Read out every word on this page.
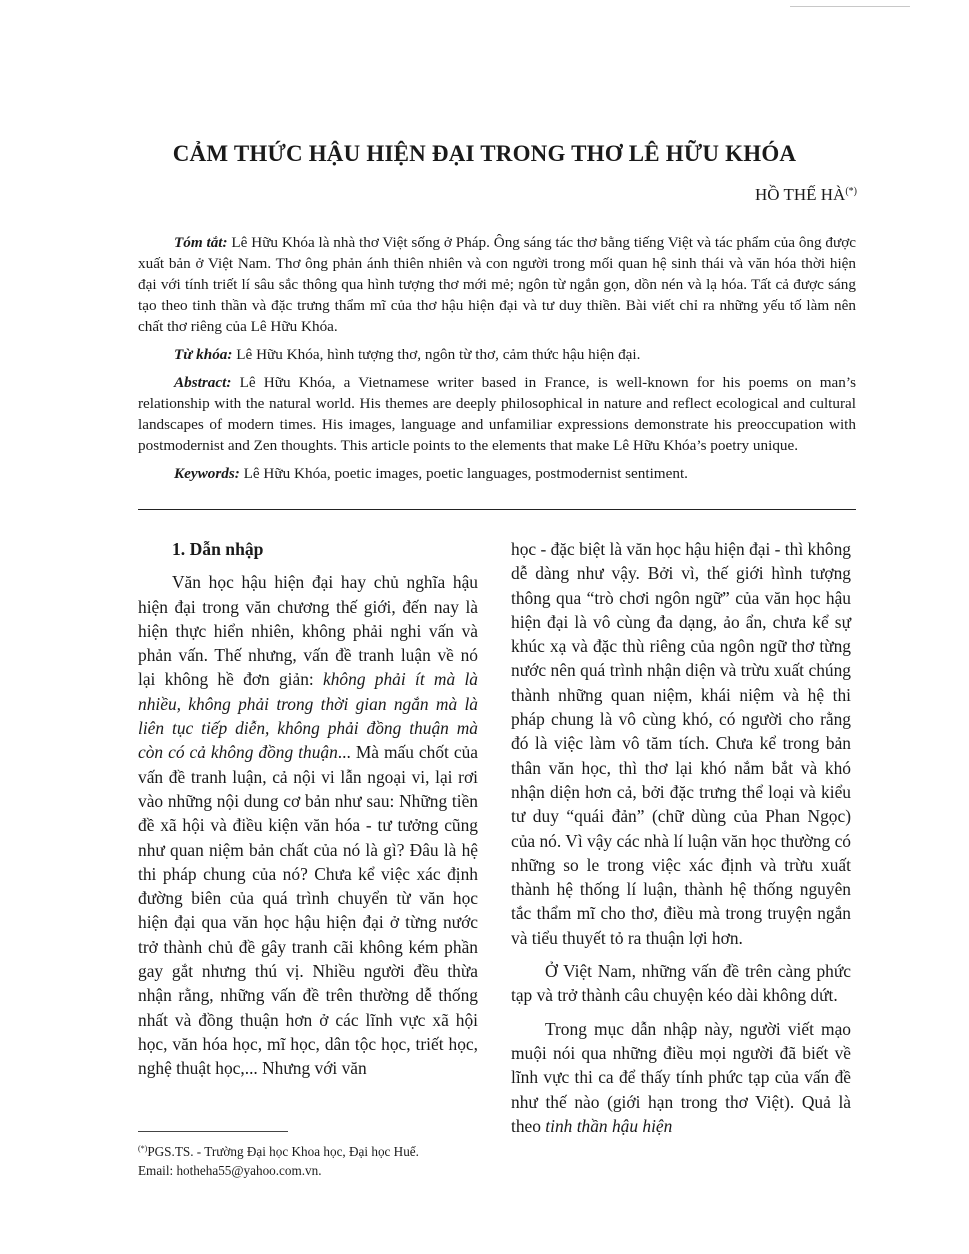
CẢM THỨC HẬU HIỆN ĐẠI TRONG THƠ LÊ HỮU KHÓA
HỒ THẾ HÀ(*)

Tóm tắt: Lê Hữu Khóa là nhà thơ Việt sống ở Pháp. Ông sáng tác thơ bằng tiếng Việt và tác phẩm của ông được xuất bản ở Việt Nam. Thơ ông phản ánh thiên nhiên và con người trong mối quan hệ sinh thái và văn hóa thời hiện đại với tính triết lí sâu sắc thông qua hình tượng thơ mới mẻ; ngôn từ ngắn gọn, dồn nén và lạ hóa. Tất cả được sáng tạo theo tinh thần và đặc trưng thẩm mĩ của thơ hậu hiện đại và tư duy thiền. Bài viết chỉ ra những yếu tố làm nên chất thơ riêng của Lê Hữu Khóa.

Từ khóa: Lê Hữu Khóa, hình tượng thơ, ngôn từ thơ, cảm thức hậu hiện đại.

Abstract: Lê Hữu Khóa, a Vietnamese writer based in France, is well-known for his poems on man’s relationship with the natural world. His themes are deeply philosophical in nature and reflect ecological and cultural landscapes of modern times. His images, language and unfamiliar expressions demonstrate his preoccupation with postmodernist and Zen thoughts. This article points to the elements that make Lê Hữu Khóa’s poetry unique.

Keywords: Lê Hữu Khóa, poetic images, poetic languages, postmodernist sentiment.

1. Dẫn nhập

Văn học hậu hiện đại hay chủ nghĩa hậu hiện đại trong văn chương thế giới, đến nay là hiện thực hiển nhiên, không phải nghi vấn và phản vấn. Thế nhưng, vấn đề tranh luận về nó lại không hề đơn giản: không phải ít mà là nhiều, không phải trong thời gian ngắn mà là liên tục tiếp diễn, không phải đồng thuận mà còn có cả không đồng thuận... Mà mấu chốt của vấn đề tranh luận, cả nội vi lẫn ngoại vi, lại rơi vào những nội dung cơ bản như sau: Những tiền đề xã hội và điều kiện văn hóa - tư tưởng cũng như quan niệm bản chất của nó là gì? Đâu là hệ thi pháp chung của nó? Chưa kể việc xác định đường biên của quá trình chuyển từ văn học hiện đại qua văn học hậu hiện đại ở từng nước trở thành chủ đề gây tranh cãi không kém phần gay gắt nhưng thú vị. Nhiều người đều thừa nhận rằng, những vấn đề trên thường dễ thống nhất và đồng thuận hơn ở các lĩnh vực xã hội học, văn hóa học, mĩ học, dân tộc học, triết học, nghệ thuật học,... Nhưng với văn

học - đặc biệt là văn học hậu hiện đại - thì không dễ dàng như vậy. Bởi vì, thế giới hình tượng thông qua “trò chơi ngôn ngữ” của văn học hậu hiện đại là vô cùng đa dạng, ảo ẩn, chưa kể sự khúc xạ và đặc thù riêng của ngôn ngữ thơ từng nước nên quá trình nhận diện và trừu xuất chúng thành những quan niệm, khái niệm và hệ thi pháp chung là vô cùng khó, có người cho rằng đó là việc làm vô tăm tích. Chưa kể trong bản thân văn học, thì thơ lại khó nắm bắt và khó nhận diện hơn cả, bởi đặc trưng thể loại và kiểu tư duy “quái đản” (chữ dùng của Phan Ngọc) của nó. Vì vậy các nhà lí luận văn học thường có những so le trong việc xác định và trừu xuất thành hệ thống lí luận, thành hệ thống nguyên tắc thẩm mĩ cho thơ, điều mà trong truyện ngắn và tiểu thuyết tỏ ra thuận lợi hơn.

Ở Việt Nam, những vấn đề trên càng phức tạp và trở thành câu chuyện kéo dài không dứt.

Trong mục dẫn nhập này, người viết mạo muội nói qua những điều mọi người đã biết về lĩnh vực thi ca để thấy tính phức tạp của vấn đề như thế nào (giới hạn trong thơ Việt). Quả là theo tinh thần hậu hiện

(*)PGS.TS. - Trường Đại học Khoa học, Đại học Huế.
Email: hotheha55@yahoo.com.vn.
